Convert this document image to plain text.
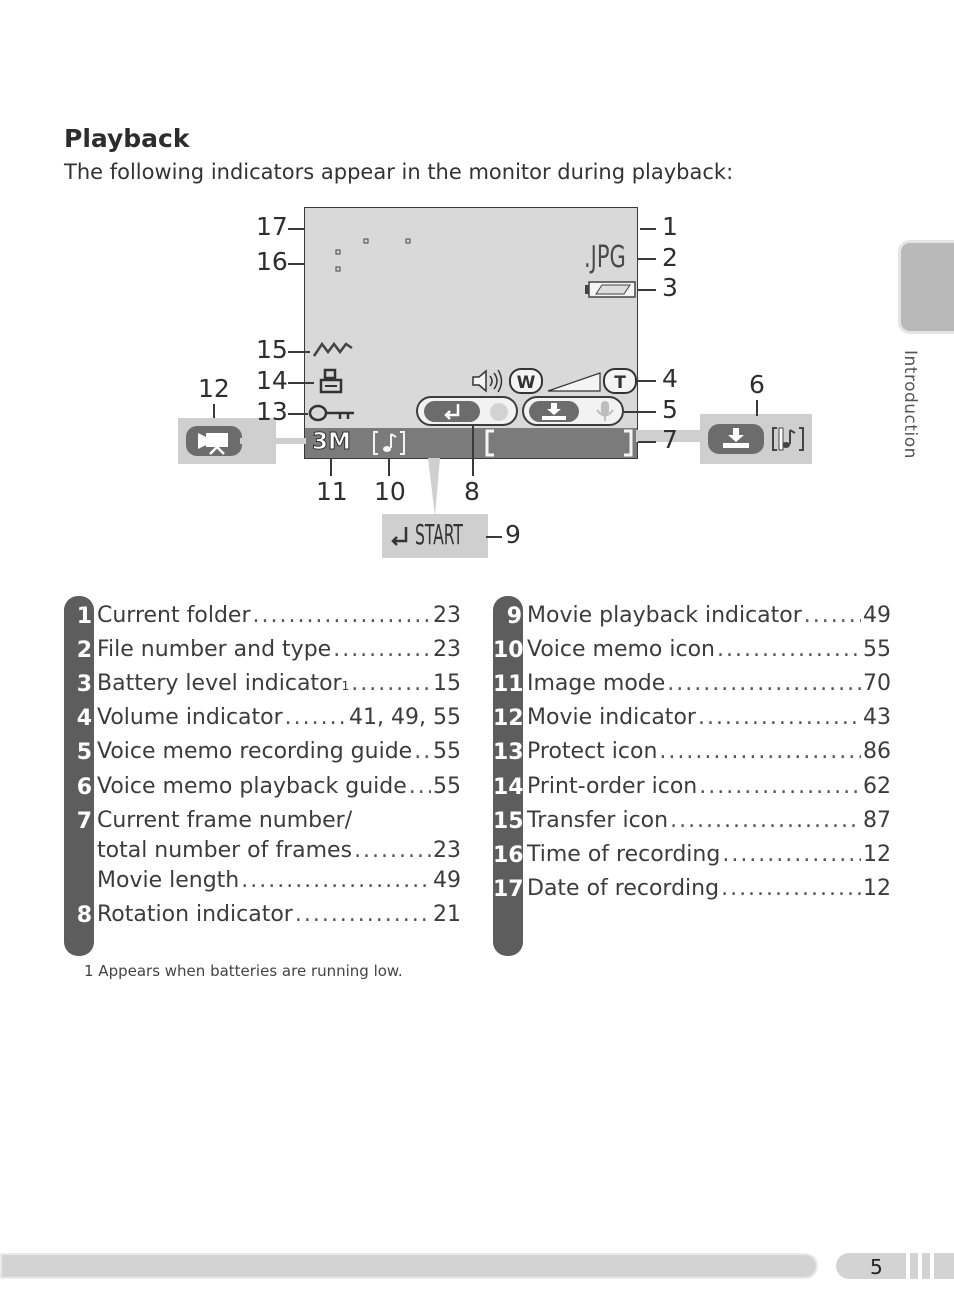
Playback
The following indicators appear in the monitor during playback:
Introduction
.JPG
W	T
3M
START
17
16
15
14
13
12
1
2
3
4
5
7
6
11 10 8
9
1 Current folder .....	23
2 File number and type .....	23
3 Battery level indicator 1 .....	15
4 Volume indicator .....	41, 49, 55
5 Voice memo recording guide ..... 55
6 Voice memo playback guide ..... 55
7 Current frame number/
total number of frames .....	23
Movie length .....	49
8 Rotation indicator .....	21
9 Movie playback indicator .....	49
10 Voice memo icon .....	55
11 Image mode .....	70
12 Movie indicator .....	43
13 Protect icon .....	86
14 Print-order icon .....	62
15 Transfer icon .....	87
16 Time of recording .....	12
17 Date of recording .....	12
1 Appears when batteries are running low.
5
